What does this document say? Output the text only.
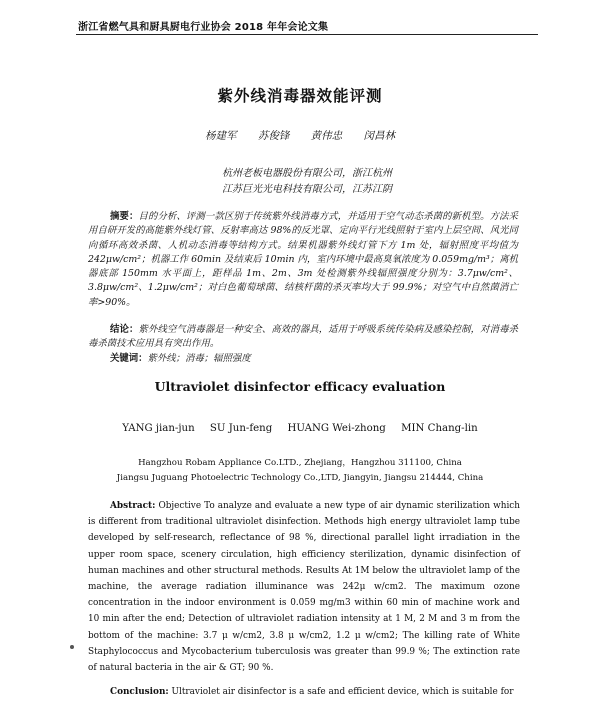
浙江省燃气具和厨具厨电行业协会 2018 年年会论文集
紫外线消毒器效能评测
杨建军 苏俊锋 黄伟忠 闵昌林
杭州老板电器股份有限公司，浙江杭州
江苏巨光光电科技有限公司，江苏江阴
摘要：目的分析、评测一款区别于传统紫外线消毒方式，并适用于空气动态杀菌的新机型。方法采用自研开发的高能紫外线灯管、反射率高达 98%的反光罩、定向平行光线照射于室内上层空间、风光同向循环高效杀菌、人机动态消毒等结构方式。结果机器紫外线灯管下方 1m 处，辐射照度平均值为 242μw/cm²；机器工作 60min 及结束后 10min 内，室内环境中最高臭氧浓度为 0.059mg/m³；离机器底部 150mm 水平面上，距样品 1m、2m、3m 处检测紫外线辐照强度分别为：3.7μw/cm²、3.8μw/cm²、1.2μw/cm²；对白色葡萄球菌、结核杆菌的杀灭率均大于 99.9%；对空气中自然菌消亡率>90%。
结论：紫外线空气消毒器是一种安全、高效的器具，适用于呼吸系统传染病及感染控制，对消毒杀毒杀菌技术应用具有突出作用。
关键词：紫外线；消毒；辐照强度
Ultraviolet disinfector efficacy evaluation
YANG jian-jun SU Jun-feng HUANG Wei-zhong MIN Chang-lin
Hangzhou Robam Appliance Co.LTD., Zhejiang，Hangzhou 311100, China
Jiangsu Juguang Photoelectric Technology Co.,LTD, Jiangyin, Jiangsu 214444, China
Abstract: Objective To analyze and evaluate a new type of air dynamic sterilization which is different from traditional ultraviolet disinfection. Methods high energy ultraviolet lamp tube developed by self-research, reflectance of 98 %, directional parallel light irradiation in the upper room space, scenery circulation, high efficiency sterilization, dynamic disinfection of human machines and other structural methods. Results At 1M below the ultraviolet lamp of the machine, the average radiation illuminance was 242μ w/cm2. The maximum ozone concentration in the indoor environment is 0.059 mg/m3 within 60 min of machine work and 10 min after the end; Detection of ultraviolet radiation intensity at 1 M, 2 M and 3 m from the bottom of the machine: 3.7 μ w/cm2, 3.8 μ w/cm2, 1.2 μ w/cm2; The killing rate of White Staphylococcus and Mycobacterium tuberculosis was greater than 99.9 %; The extinction rate of natural bacteria in the air & GT; 90 %.
Conclusion: Ultraviolet air disinfector is a safe and efficient device, which is suitable for
